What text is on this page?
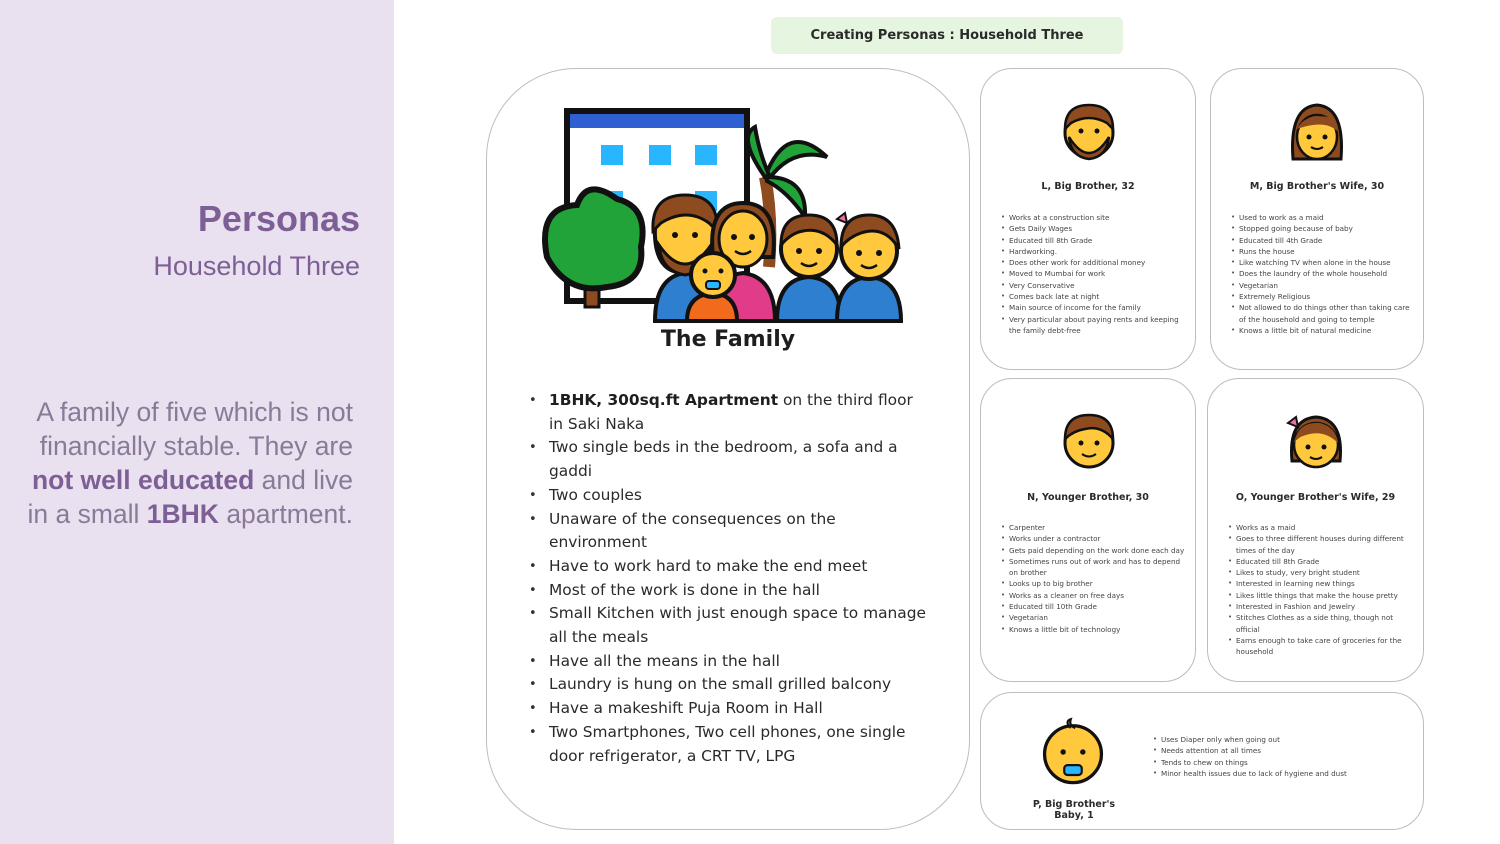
Personas
Household Three
A family of five which is not financially stable. They are not well educated and live in a small 1BHK apartment.
Creating Personas : Household Three
The Family
• 1BHK, 300sq.ft Apartment on the third floor in Saki Naka
• Two single beds in the bedroom, a sofa and a gaddi
• Two couples
• Unaware of the consequences on the environment
• Have to work hard to make the end meet
• Most of the work is done in the hall
• Small Kitchen with just enough space to manage all the meals
• Have all the means in the hall
• Laundry is hung on the small grilled balcony
• Have a makeshift Puja Room in Hall
• Two Smartphones, Two cell phones, one single door refrigerator, a CRT TV, LPG
L, Big Brother, 32
• Works at a construction site
• Gets Daily Wages
• Educated till 8th Grade
• Hardworking.
• Does other work for additional money
• Moved to Mumbai for work
• Very Conservative
• Comes back late at night
• Main source of income for the family
• Very particular about paying rents and keeping the family debt-free
M, Big Brother's Wife, 30
• Used to work as a maid
• Stopped going because of baby
• Educated till 4th Grade
• Runs the house
• Like watching TV when alone in the house
• Does the laundry of the whole household
• Vegetarian
• Extremely Religious
• Not allowed to do things other than taking care of the household and going to temple
• Knows a little bit of natural medicine
N, Younger Brother, 30
• Carpenter
• Works under a contractor
• Gets paid depending on the work done each day
• Sometimes runs out of work and has to depend on brother
• Looks up to big brother
• Works as a cleaner on free days
• Educated till 10th Grade
• Vegetarian
• Knows a little bit of technology
O, Younger Brother's Wife, 29
• Works as a maid
• Goes to three different houses during different times of the day
• Educated till 8th Grade
• Likes to study, very bright student
• Interested in learning new things
• Likes little things that make the house pretty
• Interested in Fashion and Jewelry
• Stitches Clothes as a side thing, though not official
• Earns enough to take care of groceries for the household
P, Big Brother's Baby, 1
• Uses Diaper only when going out
• Needs attention at all times
• Tends to chew on things
• Minor health issues due to lack of hygiene and dust
